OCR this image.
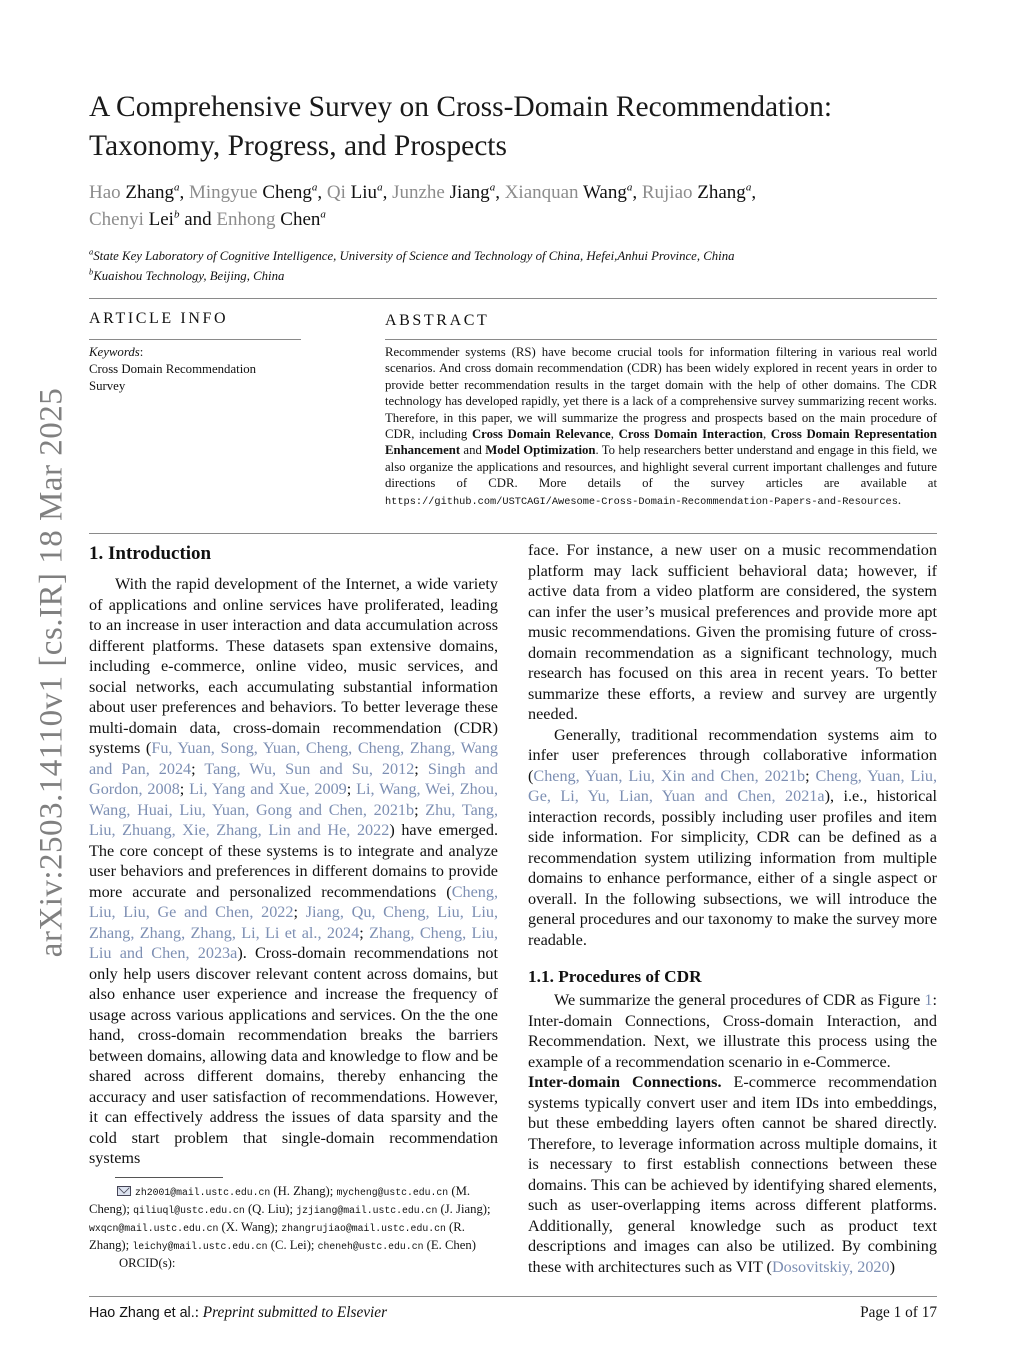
arXiv:2503.14110v1 [cs.IR] 18 Mar 2025
A Comprehensive Survey on Cross-Domain Recommendation:
Taxonomy, Progress, and Prospects
Hao Zhang$^a$, Mingyue Cheng$^a$, Qi Liu$^a$, Junzhe Jiang$^a$, Xianquan Wang$^a$, Rujiao Zhang$^a$,
Chenyi Lei$^b$ and Enhong Chen$^a$
$^a$State Key Laboratory of Cognitive Intelligence, University of Science and Technology of China, Hefei,Anhui Province, China
$^b$Kuaishou Technology, Beijing, China
ARTICLE INFO
Keywords:
Cross Domain Recommendation
Survey
ABSTRACT
Recommender systems (RS) have become crucial tools for information filtering in various real world scenarios. And cross domain recommendation (CDR) has been widely explored in recent years in order to provide better recommendation results in the target domain with the help of other domains. The CDR technology has developed rapidly, yet there is a lack of a comprehensive survey summarizing recent works. Therefore, in this paper, we will summarize the progress and prospects based on the main procedure of CDR, including Cross Domain Relevance, Cross Domain Interaction, Cross Domain Representation Enhancement and Model Optimization. To help researchers better understand and engage in this field, we also organize the applications and resources, and highlight several current important challenges and future directions of CDR. More details of the survey articles are available at https://github.com/USTCAGI/Awesome-Cross-Domain-Recommendation-Papers-and-Resources.
1. Introduction

With the rapid development of the Internet, a wide variety of applications and online services have proliferated, leading to an increase in user interaction and data accumulation across different platforms. These datasets span extensive domains, including e-commerce, online video, music services, and social networks, each accumulating substantial information about user preferences and behaviors. To better leverage these multi-domain data, cross-domain recommendation (CDR) systems (Fu, Yuan, Song, Yuan, Cheng, Cheng, Zhang, Wang and Pan, 2024; Tang, Wu, Sun and Su, 2012; Singh and Gordon, 2008; Li, Yang and Xue, 2009; Li, Wang, Wei, Zhou, Wang, Huai, Liu, Yuan, Gong and Chen, 2021b; Zhu, Tang, Liu, Zhuang, Xie, Zhang, Lin and He, 2022) have emerged. The core concept of these systems is to integrate and analyze user behaviors and preferences in different domains to provide more accurate and personalized recommendations (Cheng, Liu, Liu, Ge and Chen, 2022; Jiang, Qu, Cheng, Liu, Liu, Zhang, Zhang, Zhang, Li, Li et al., 2024; Zhang, Cheng, Liu, Liu and Chen, 2023a). Cross-domain recommendations not only help users discover relevant content across domains, but also enhance user experience and increase the frequency of usage across various applications and services. On the the one hand, cross-domain recommendation breaks the barriers between domains, allowing data and knowledge to flow and be shared across different domains, thereby enhancing the accuracy and user satisfaction of recommendations. However, it can effectively address the issues of data sparsity and the cold start problem that single-domain recommendation systems

zh2001@mail.ustc.edu.cn (H. Zhang); mycheng@ustc.edu.cn (M. Cheng); qiliuql@ustc.edu.cn (Q. Liu); jzjiang@mail.ustc.edu.cn (J. Jiang); wxqcn@mail.ustc.edu.cn (X. Wang); zhangrujiao@mail.ustc.edu.cn (R. Zhang); leichy@mail.ustc.edu.cn (C. Lei); cheneh@ustc.edu.cn (E. Chen)
ORCID(s):

face. For instance, a new user on a music recommendation platform may lack sufficient behavioral data; however, if active data from a video platform are considered, the system can infer the user’s musical preferences and provide more apt music recommendations. Given the promising future of cross-domain recommendation as a significant technology, much research has focused on this area in recent years. To better summarize these efforts, a review and survey are urgently needed.

Generally, traditional recommendation systems aim to infer user preferences through collaborative information (Cheng, Yuan, Liu, Xin and Chen, 2021b; Cheng, Yuan, Liu, Ge, Li, Yu, Lian, Yuan and Chen, 2021a), i.e., historical interaction records, possibly including user profiles and item side information. For simplicity, CDR can be defined as a recommendation system utilizing information from multiple domains to enhance performance, either of a single aspect or overall. In the following subsections, we will introduce the general procedures and our taxonomy to make the survey more readable.

1.1. Procedures of CDR

We summarize the general procedures of CDR as Figure 1: Inter-domain Connections, Cross-domain Interaction, and Recommendation. Next, we illustrate this process using the example of a recommendation scenario in e-Commerce.

Inter-domain Connections. E-commerce recommendation systems typically convert user and item IDs into embeddings, but these embedding layers often cannot be shared directly. Therefore, to leverage information across multiple domains, it is necessary to first establish connections between these domains. This can be achieved by identifying shared elements, such as user-overlapping items across different platforms. Additionally, general knowledge such as product text descriptions and images can also be utilized. By combining these with architectures such as VIT (Dosovitskiy, 2020)

Hao Zhang et al.: Preprint submitted to Elsevier	Page 1 of 17
